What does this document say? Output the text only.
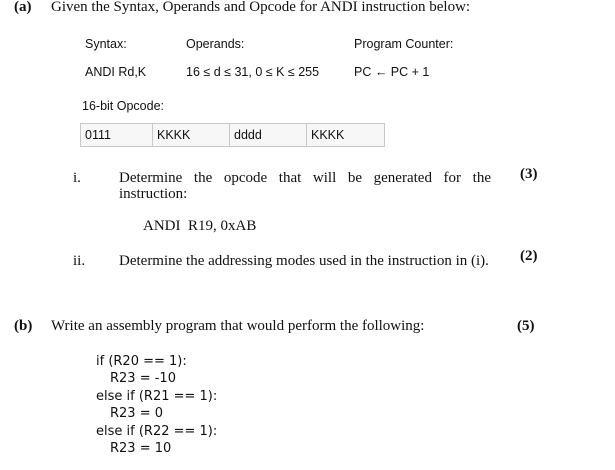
(a) Given the Syntax, Operands and Opcode for ANDI instruction below:
Syntax:	Operands:	Program Counter:
ANDI Rd,K	16 ≤ d ≤ 31, 0 ≤ K ≤ 255	PC ← PC + 1
16-bit Opcode:
0111	KKKK	dddd	KKKK
i.	Determine the opcode that will be generated for the
instruction:
(3)
ANDI  R19, 0xAB
ii. Determine the addressing modes used in the instruction in (i). (2)
(b) Write an assembly program that would perform the following:	(5)
if (R20 == 1):
R23 = -10
else if (R21 == 1):
R23 = 0
else if (R22 == 1):
R23 = 10
